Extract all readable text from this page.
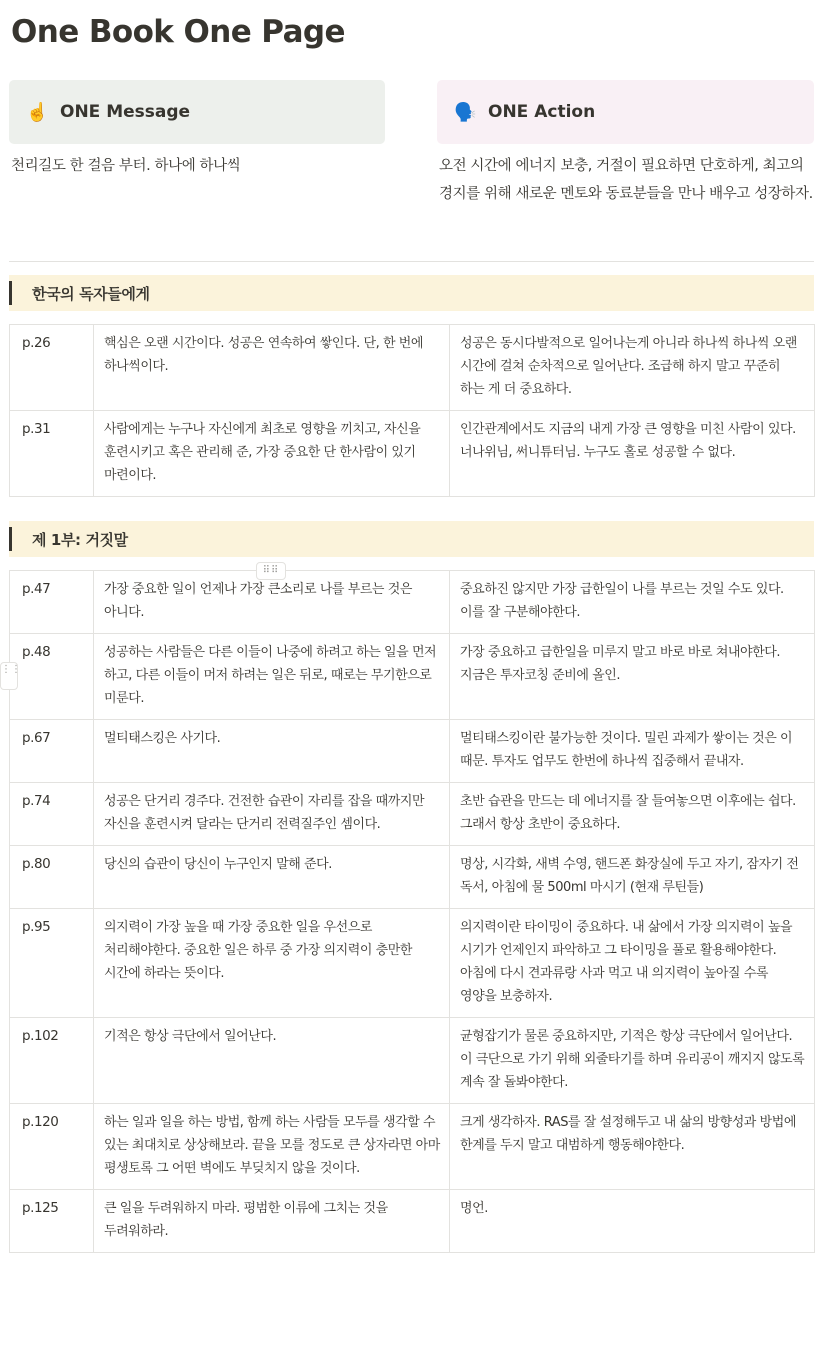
One Book One Page
☝️ ONE Message	🗣️ ONE Action
천리길도 한 걸음 부터. 하나에 하나씩	오전 시간에 에너지 보충, 거절이 필요하면 단호하게, 최고의 경지를 위해 새로운 멘토와 동료분들을 만나 배우고 성장하자.
한국의 독자들에게
p.26	핵심은 오랜 시간이다. 성공은 연속하여 쌓인다. 단, 한 번에 하나씩이다.	성공은 동시다발적으로 일어나는게 아니라 하나씩 하나씩 오랜 시간에 걸쳐 순차적으로 일어난다. 조급해 하지 말고 꾸준히 하는 게 더 중요하다.
p.31	사람에게는 누구나 자신에게 최초로 영향을 끼치고, 자신을 훈련시키고 혹은 관리해 준, 가장 중요한 단 한사람이 있기 마련이다.	인간관계에서도 지금의 내게 가장 큰 영향을 미친 사람이 있다. 너나위님, 써니튜터님. 누구도 홀로 성공할 수 없다.
제 1부: 거짓말
p.47	가장 중요한 일이 언제나 가장 큰소리로 나를 부르는 것은 아니다.	중요하진 않지만 가장 급한일이 나를 부르는 것일 수도 있다. 이를 잘 구분해야한다.
p.48	성공하는 사람들은 다른 이들이 나중에 하려고 하는 일을 먼저 하고, 다른 이들이 머저 하려는 일은 뒤로, 때로는 무기한으로 미룬다.	가장 중요하고 급한일을 미루지 말고 바로 바로 쳐내야한다. 지금은 투자코칭 준비에 올인.
p.67	멀티태스킹은 사기다.	멀티태스킹이란 불가능한 것이다. 밀린 과제가 쌓이는 것은 이 때문. 투자도 업무도 한번에 하나씩 집중해서 끝내자.
p.74	성공은 단거리 경주다. 건전한 습관이 자리를 잡을 때까지만 자신을 훈련시켜 달라는 단거리 전력질주인 셈이다.	초반 습관을 만드는 데 에너지를 잘 들여놓으면 이후에는 쉽다. 그래서 항상 초반이 중요하다.
p.80	당신의 습관이 당신이 누구인지 말해 준다.	명상, 시각화, 새벽 수영, 핸드폰 화장실에 두고 자기, 잠자기 전 독서, 아침에 물 500ml 마시기 (현재 루틴들)
p.95	의지력이 가장 높을 때 가장 중요한 일을 우선으로 처리해야한다. 중요한 일은 하루 중 가장 의지력이 충만한 시간에 하라는 뜻이다.	의지력이란 타이밍이 중요하다. 내 삶에서 가장 의지력이 높을 시기가 언제인지 파악하고 그 타이밍을 풀로 활용해야한다. 아침에 다시 견과류랑 사과 먹고 내 의지력이 높아질 수록 영양을 보충하자.
p.102	기적은 항상 극단에서 일어난다.	균형잡기가 물론 중요하지만, 기적은 항상 극단에서 일어난다. 이 극단으로 가기 위해 외줄타기를 하며 유리공이 깨지지 않도록 계속 잘 돌봐야한다.
p.120	하는 일과 일을 하는 방법, 함께 하는 사람들 모두를 생각할 수 있는 최대치로 상상해보라. 끝을 모를 정도로 큰 상자라면 아마 평생토록 그 어떤 벽에도 부딪치지 않을 것이다.	크게 생각하자. RAS를 잘 설정해두고 내 삶의 방향성과 방법에 한계를 두지 말고 대범하게 행동해야한다.
p.125	큰 일을 두려워하지 마라. 평범한 이류에 그치는 것을 두려워하라.	명언.
⠿⠿
⋮⋮
